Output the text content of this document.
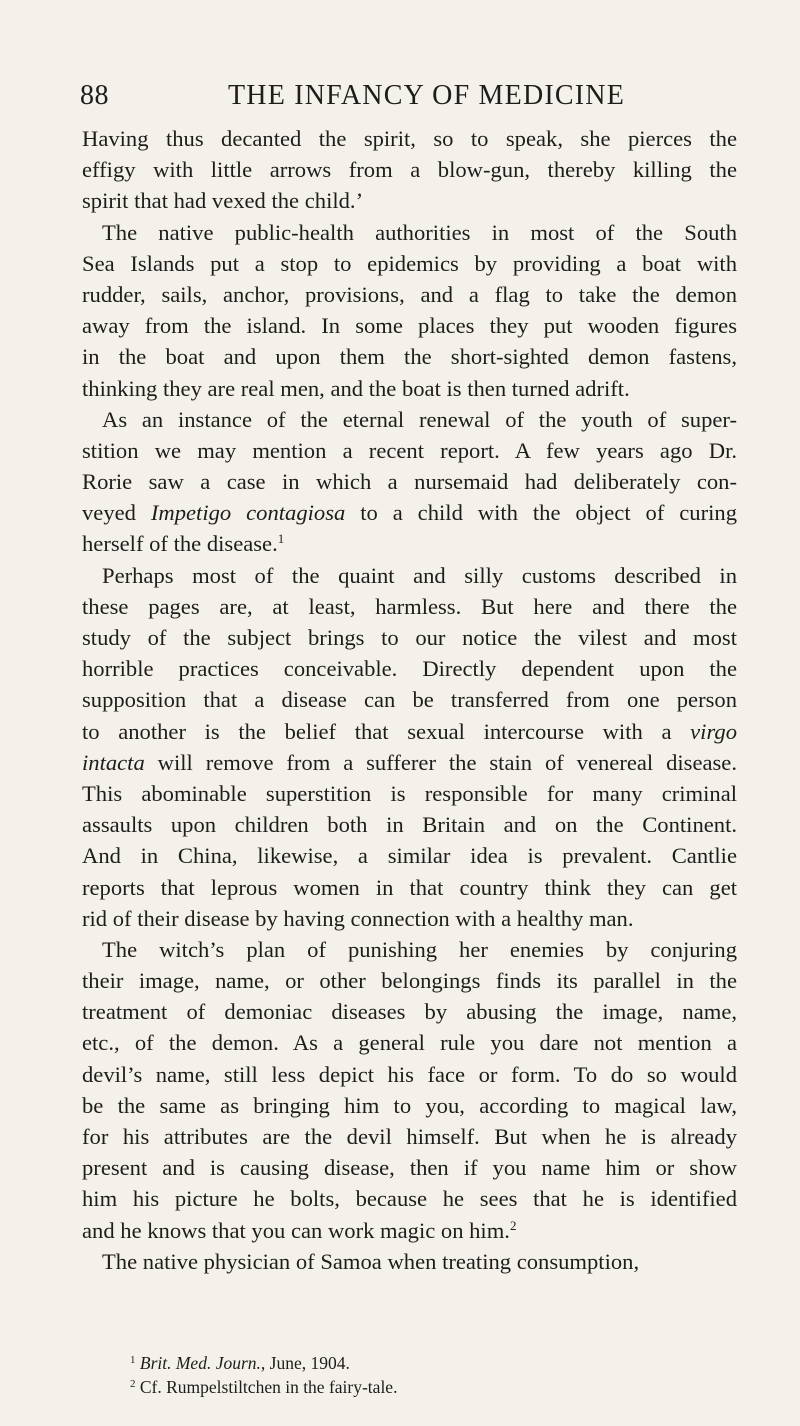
88	THE INFANCY OF MEDICINE
Having thus decanted the spirit, so to speak, she pierces the
effigy with little arrows from a blow-gun, thereby killing the
spirit that had vexed the child.’
The native public-health authorities in most of the South
Sea Islands put a stop to epidemics by providing a boat with
rudder, sails, anchor, provisions, and a flag to take the demon
away from the island. In some places they put wooden figures
in the boat and upon them the short-sighted demon fastens,
thinking they are real men, and the boat is then turned adrift.
As an instance of the eternal renewal of the youth of super-
stition we may mention a recent report. A few years ago Dr.
Rorie saw a case in which a nursemaid had deliberately con-
veyed Impetigo contagiosa to a child with the object of curing
herself of the disease.$^1$
Perhaps most of the quaint and silly customs described in
these pages are, at least, harmless. But here and there the
study of the subject brings to our notice the vilest and most
horrible practices conceivable. Directly dependent upon the
supposition that a disease can be transferred from one person
to another is the belief that sexual intercourse with a virgo
intacta will remove from a sufferer the stain of venereal disease.
This abominable superstition is responsible for many criminal
assaults upon children both in Britain and on the Continent.
And in China, likewise, a similar idea is prevalent. Cantlie
reports that leprous women in that country think they can get
rid of their disease by having connection with a healthy man.
The witch’s plan of punishing her enemies by conjuring
their image, name, or other belongings finds its parallel in the
treatment of demoniac diseases by abusing the image, name,
etc., of the demon. As a general rule you dare not mention a
devil’s name, still less depict his face or form. To do so would
be the same as bringing him to you, according to magical law,
for his attributes are the devil himself. But when he is already
present and is causing disease, then if you name him or show
him his picture he bolts, because he sees that he is identified
and he knows that you can work magic on him.$^2$
The native physician of Samoa when treating consumption,
$^1$ Brit. Med. Journ., June, 1904.
$^2$ Cf. Rumpelstiltchen in the fairy-tale.
